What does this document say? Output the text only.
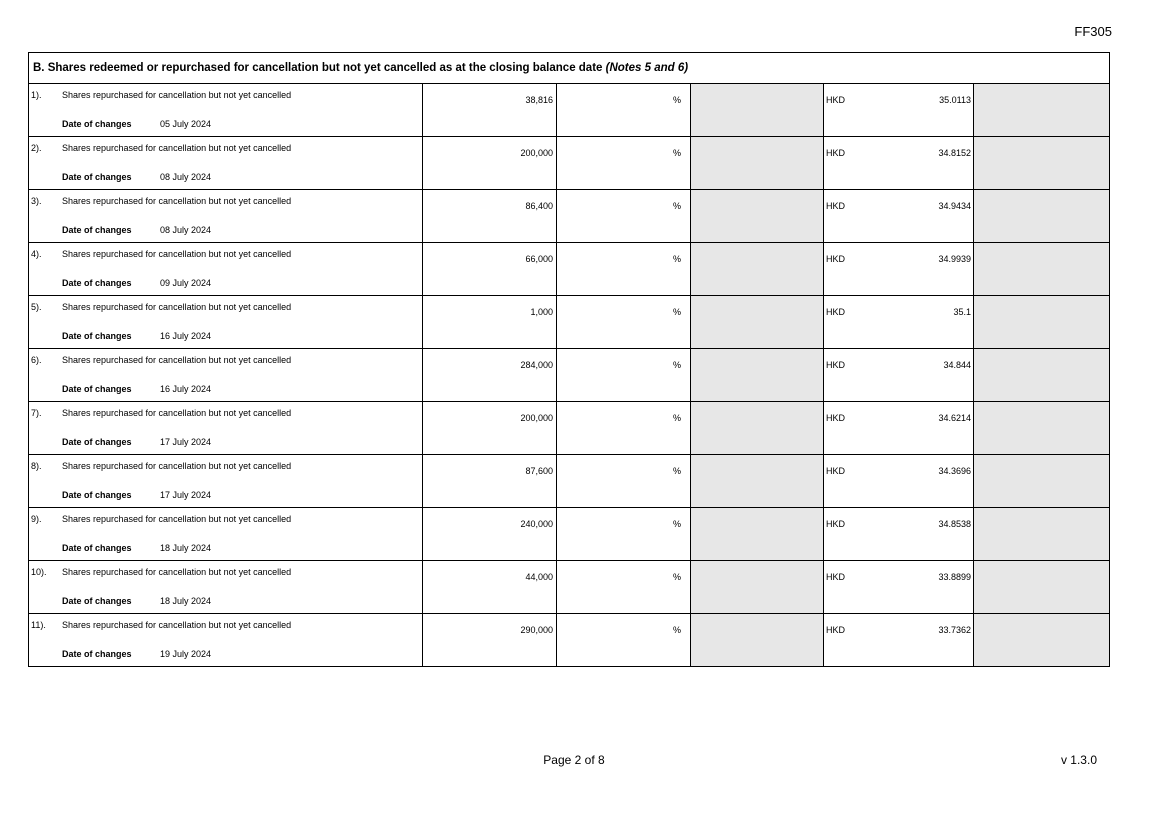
FF305
B. Shares redeemed or repurchased for cancellation but not yet cancelled as at the closing balance date (Notes 5 and 6)					

1). Shares repurchased for cancellation but not yet cancelled
Date of changes 05 July 2024	38,816	%		HKD 35.0113	

2). Shares repurchased for cancellation but not yet cancelled
Date of changes 08 July 2024	200,000	%		HKD 34.8152	

3). Shares repurchased for cancellation but not yet cancelled
Date of changes 08 July 2024	86,400	%		HKD 34.9434	

4). Shares repurchased for cancellation but not yet cancelled
Date of changes 09 July 2024	66,000	%		HKD 34.9939	

5). Shares repurchased for cancellation but not yet cancelled
Date of changes 16 July 2024	1,000	%		HKD 35.1	

6). Shares repurchased for cancellation but not yet cancelled
Date of changes 16 July 2024	284,000	%		HKD 34.844	

7). Shares repurchased for cancellation but not yet cancelled
Date of changes 17 July 2024	200,000	%		HKD 34.6214	

8). Shares repurchased for cancellation but not yet cancelled
Date of changes 17 July 2024	87,600	%		HKD 34.3696	

9). Shares repurchased for cancellation but not yet cancelled
Date of changes 18 July 2024	240,000	%		HKD 34.8538	

10). Shares repurchased for cancellation but not yet cancelled
Date of changes 18 July 2024	44,000	%		HKD 33.8899	

11). Shares repurchased for cancellation but not yet cancelled
Date of changes 19 July 2024	290,000	%		HKD 33.7362	

Page 2 of 8	v 1.3.0
